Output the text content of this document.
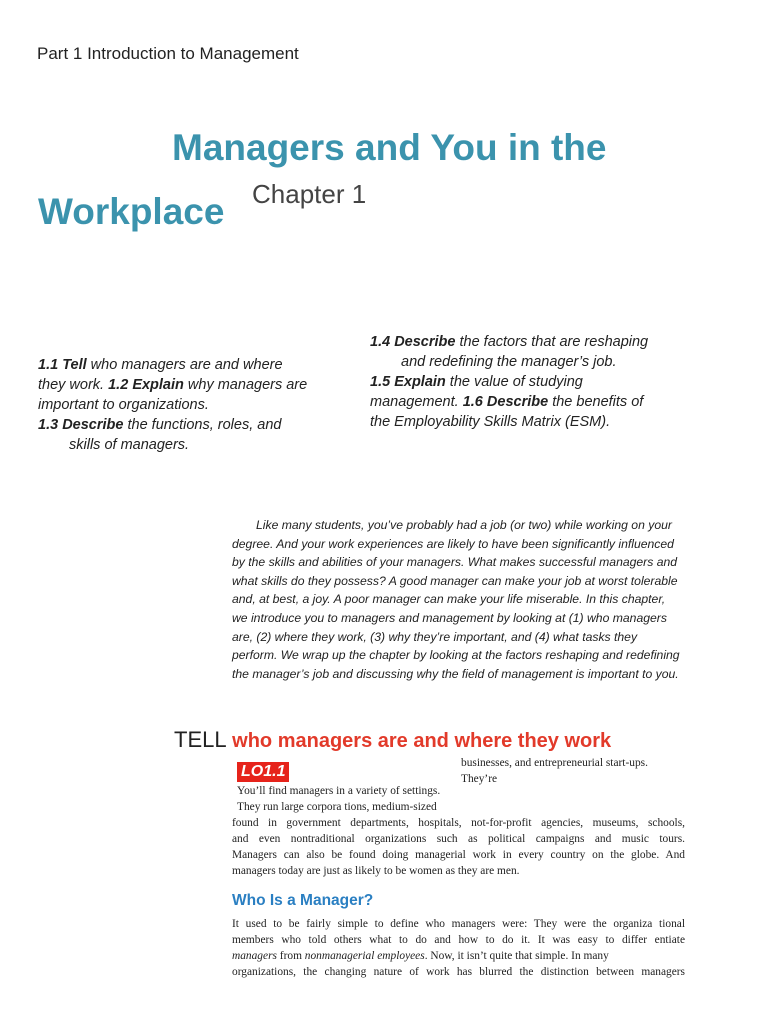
Part 1 Introduction to Management
Managers and You in the
Workplace Chapter 1
1.1 Tell who managers are and where
they work. 1.2 Explain why managers are
important to organizations.
1.3 Describe the functions, roles, and
skills of managers.
1.4 Describe the factors that are reshaping
and redefining the manager’s job.
1.5 Explain the value of studying
management. 1.6 Describe the benefits of
the Employability Skills Matrix (ESM).
Like many students, you’ve probably had a job (or two) while working on your degree. And your work experiences are likely to have been significantly influenced by the skills and abilities of your managers. What makes successful managers and what skills do they possess? A good manager can make your job at worst tolerable and, at best, a joy. A poor manager can make your life miserable. In this chapter, we introduce you to managers and management by looking at (1) who managers are, (2) where they work, (3) why they’re important, and (4) what tasks they perform. We wrap up the chapter by looking at the factors reshaping and redefining the manager’s job and discussing why the field of management is important to you.
TELL who managers are and where they work
LO1.1	businesses, and entrepreneurial start-ups.
They’re
You’ll find managers in a variety of settings.
They run large corpora tions, medium-sized
found in government departments, hospitals, not-for-profit agencies, museums, schools,
and even nontraditional organizations such as political campaigns and music tours.
Managers can also be found doing managerial work in every country on the globe. And
managers today are just as likely to be women as they are men.
Who Is a Manager?
It used to be fairly simple to define who managers were: They were the organiza tional
members who told others what to do and how to do it. It was easy to differ entiate
managers from nonmanagerial employees. Now, it isn’t quite that simple. In many
organizations, the changing nature of work has blurred the distinction between managers
